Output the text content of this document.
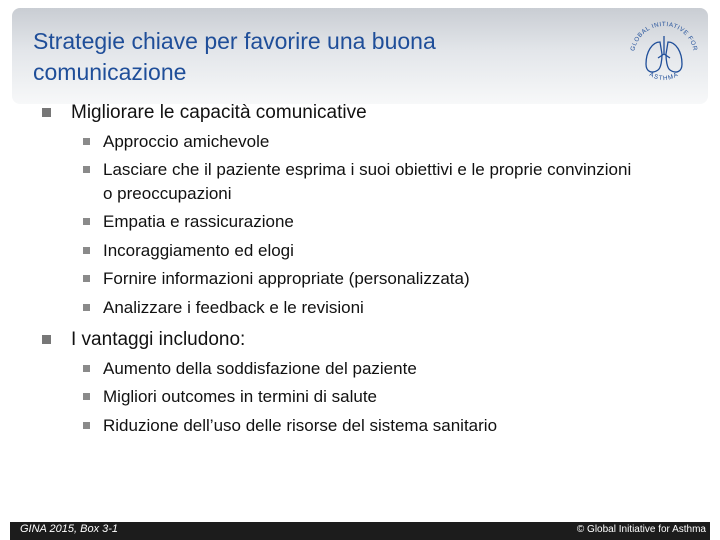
Strategie chiave per favorire una buona comunicazione
GLOBAL INITIATIVE FOR
ASTHMA
Migliorare le capacità comunicative
Approccio amichevole
Lasciare che il paziente esprima i suoi obiettivi e le proprie convinzioni o preoccupazioni
Empatia e rassicurazione
Incoraggiamento ed elogi
Fornire informazioni appropriate (personalizzata)
Analizzare i feedback e le revisioni
I vantaggi includono:
Aumento della soddisfazione del paziente
Migliori outcomes in termini di salute
Riduzione dell’uso delle risorse del sistema sanitario
GINA 2015, Box 3-1	© Global Initiative for Asthma
